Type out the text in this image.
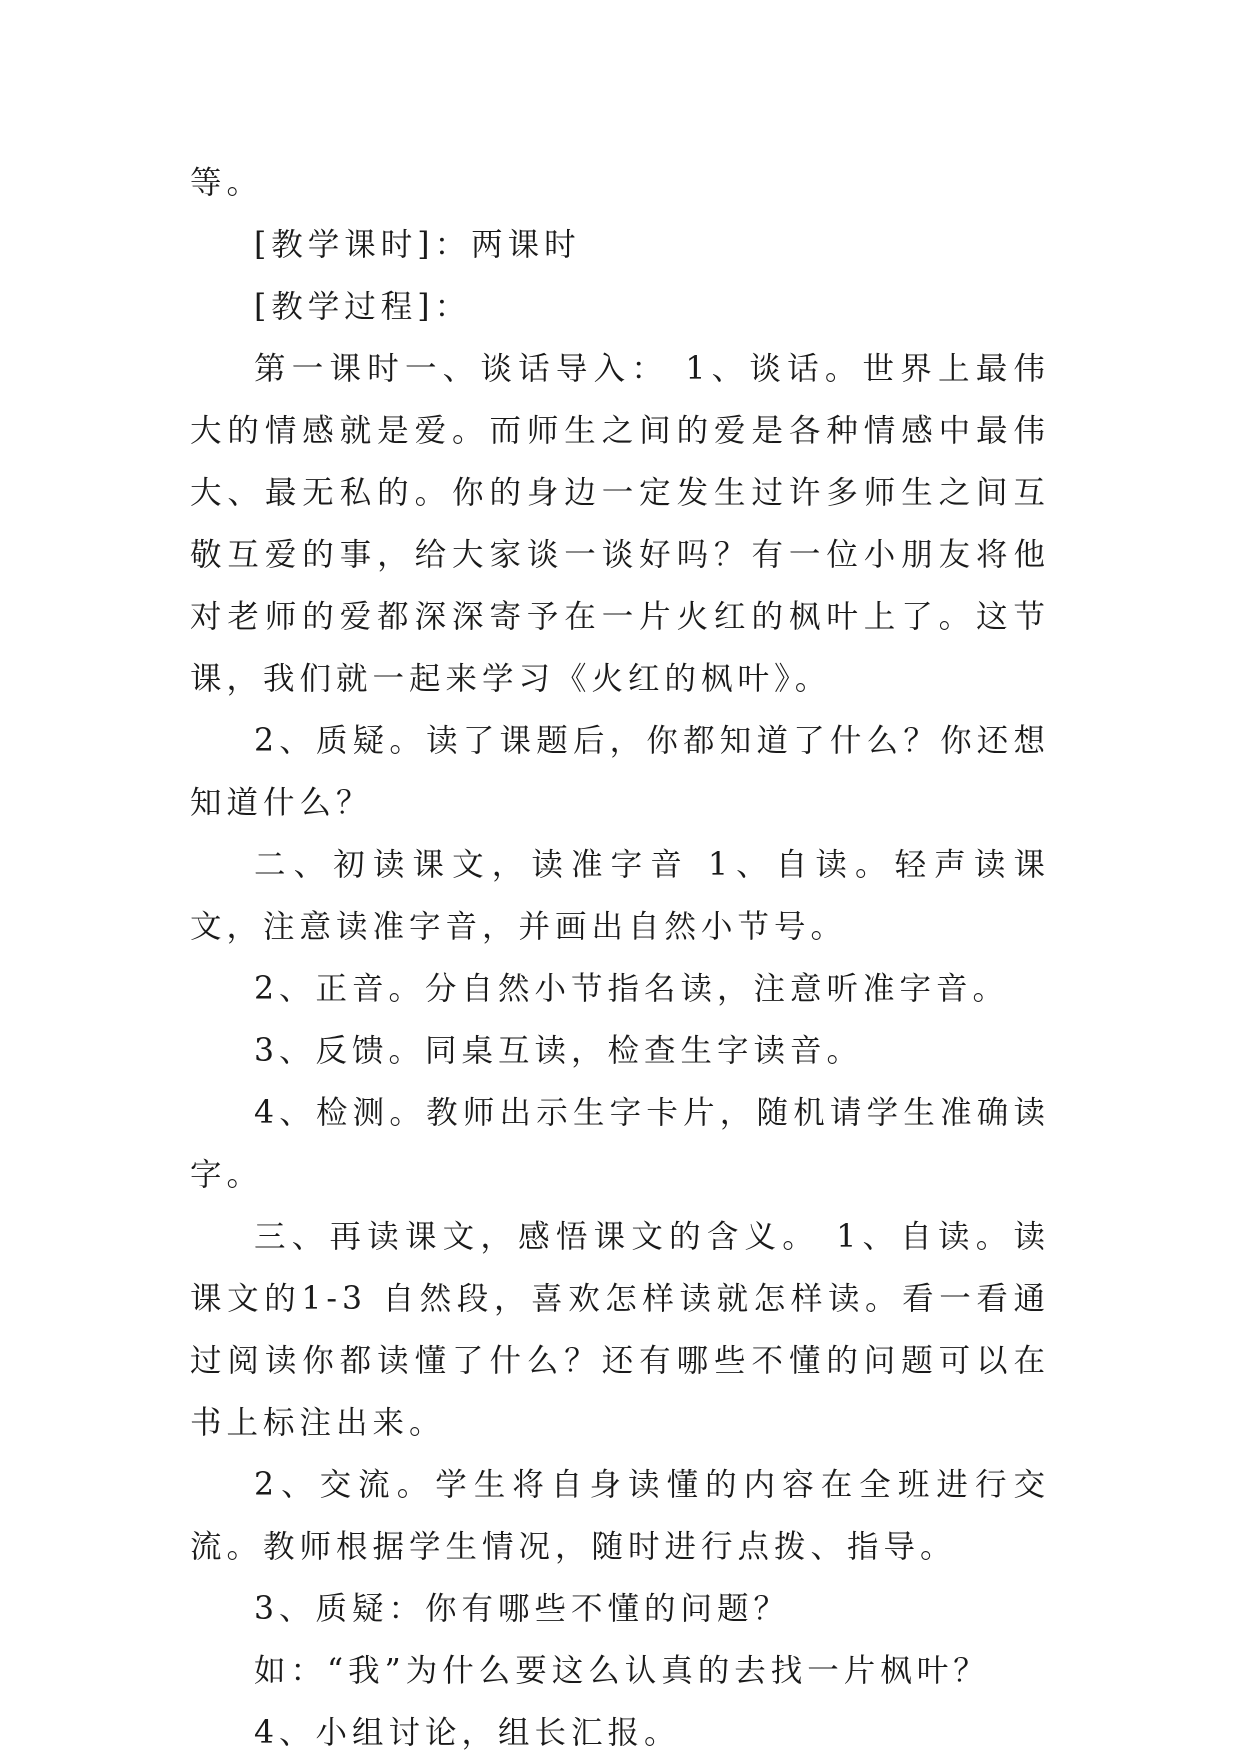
等。

[教学课时]：两课时

[教学过程]：

第一课时一、谈话导入： 1、谈话。世界上最伟大的情感就是爱。而师生之间的爱是各种情感中最伟大、最无私的。你的身边一定发生过许多师生之间互敬互爱的事，给大家谈一谈好吗？有一位小朋友将他对老师的爱都深深寄予在一片火红的枫叶上了。这节课，我们就一起来学习《火红的枫叶》。

2、质疑。读了课题后，你都知道了什么？你还想知道什么？

二、初读课文，读准字音 1、自读。轻声读课文，注意读准字音，并画出自然小节号。

2、正音。分自然小节指名读，注意听准字音。

3、反馈。同桌互读，检查生字读音。

4、检测。教师出示生字卡片，随机请学生准确读字。

三、再读课文，感悟课文的含义。 1、自读。读课文的1-3 自然段，喜欢怎样读就怎样读。看一看通过阅读你都读懂了什么？还有哪些不懂的问题可以在书上标注出来。

2、交流。学生将自身读懂的内容在全班进行交流。教师根据学生情况，随时进行点拨、指导。

3、质疑：你有哪些不懂的问题？

如：“我”为什么要这么认真的去找一片枫叶？

4、小组讨论，组长汇报。
